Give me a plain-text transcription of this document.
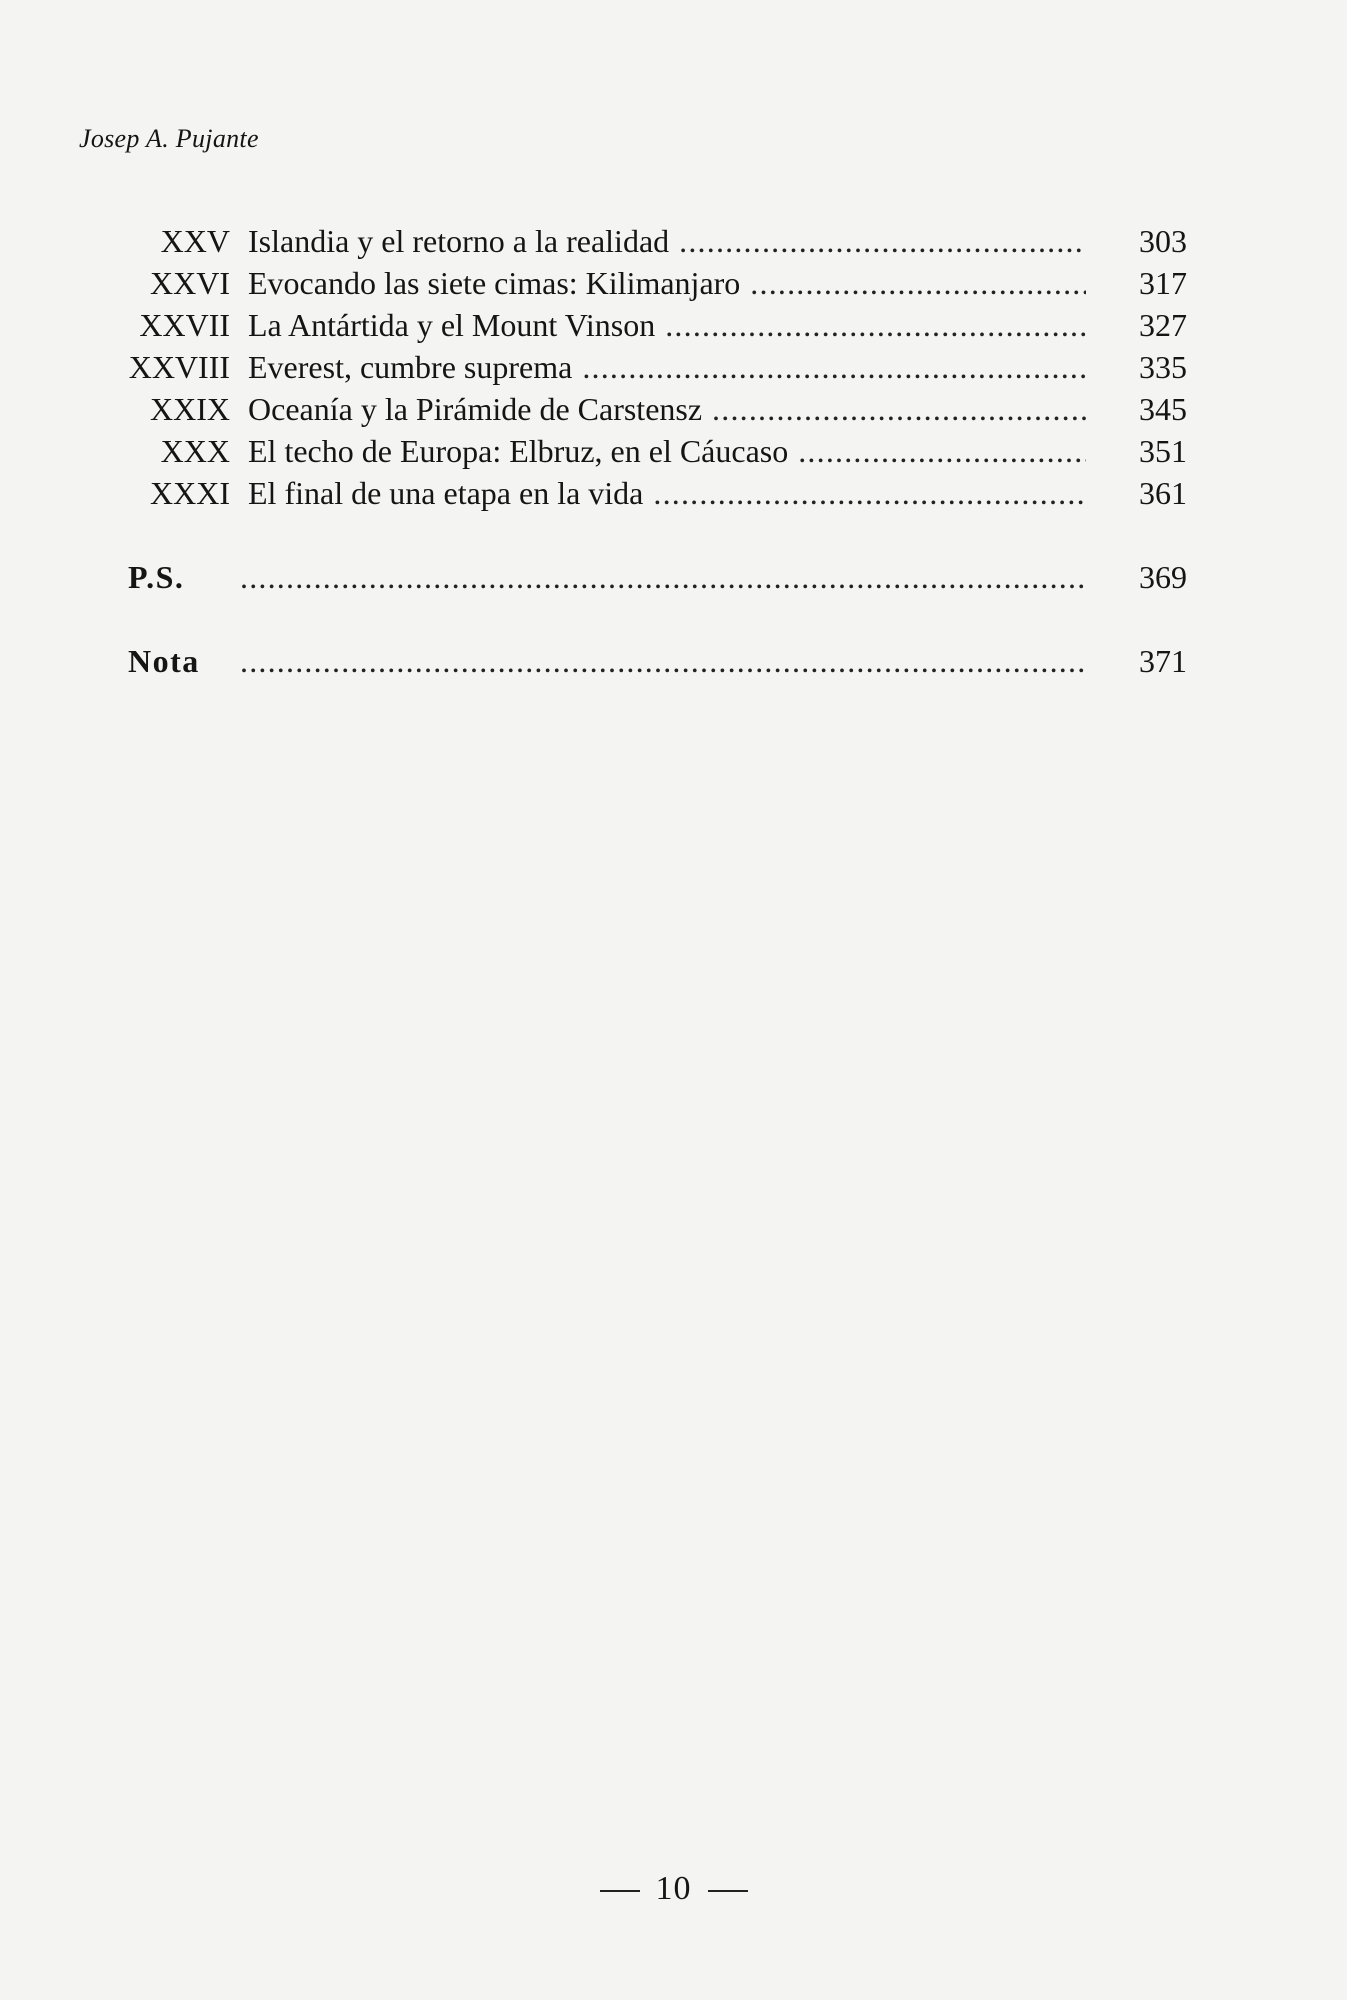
Josep A. Pujante
XXV Islandia y el retorno a la realidad . . .	303
XXVI Evocando las siete cimas: Kilimanjaro . . .	317
XXVII La Antártida y el Mount Vinson . . .	327
XXVIII Everest, cumbre suprema . . .	335
XXIX Oceanía y la Pirámide de Carstensz . . .	345
XXX El techo de Europa: Elbruz, en el Cáucaso . . .	351
XXXI El final de una etapa en la vida . . .	361
P.S. . . .	369
Nota . . .	371
10
